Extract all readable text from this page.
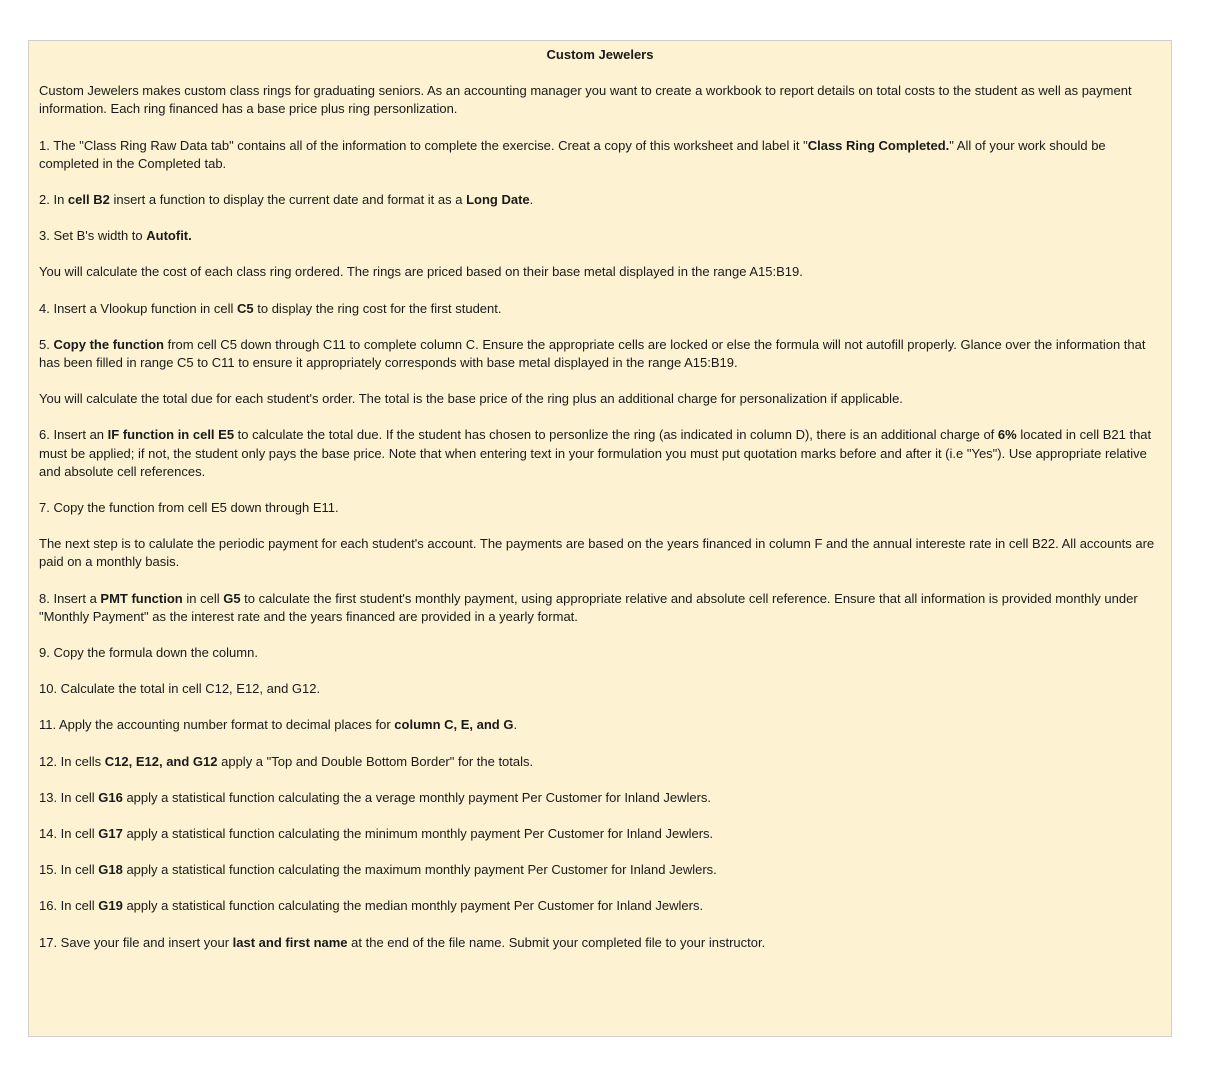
Custom Jewelers
Custom Jewelers makes custom class rings for graduating seniors. As an accounting manager you want to create a workbook to report details on total costs to the student as well as payment information. Each ring financed has a base price plus ring personlization.
1. The "Class Ring Raw Data tab" contains all of the information to complete the exercise. Creat a copy of this worksheet and label it "Class Ring Completed." All of your work should be completed in the Completed tab.
2. In cell B2 insert a function to display the current date and format it as a Long Date.
3. Set B's width to Autofit.
You will calculate the cost of each class ring ordered. The rings are priced based on their base metal displayed in the range A15:B19.
4. Insert a Vlookup function in cell C5 to display the ring cost for the first student.
5. Copy the function from cell C5 down through C11 to complete column C. Ensure the appropriate cells are locked or else the formula will not autofill properly. Glance over the information that has been filled in range C5 to C11 to ensure it appropriately corresponds with base metal displayed in the range A15:B19.
You will calculate the total due for each student's order. The total is the base price of the ring plus an additional charge for personalization if applicable.
6. Insert an IF function in cell E5 to calculate the total due. If the student has chosen to personlize the ring (as indicated in column D), there is an additional charge of 6% located in cell B21 that must be applied; if not, the student only pays the base price. Note that when entering text in your formulation you must put quotation marks before and after it (i.e "Yes"). Use appropriate relative and absolute cell references.
7. Copy the function from cell E5 down through E11.
The next step is to calulate the periodic payment for each student's account. The payments are based on the years financed in column F and the annual intereste rate in cell B22. All accounts are paid on a monthly basis.
8. Insert a PMT function in cell G5 to calculate the first student's monthly payment, using appropriate relative and absolute cell reference. Ensure that all information is provided monthly under "Monthly Payment" as the interest rate and the years financed are provided in a yearly format.
9. Copy the formula down the column.
10. Calculate the total in cell C12, E12, and G12.
11. Apply the accounting number format to decimal places for column C, E, and G.
12. In cells C12, E12, and G12 apply a "Top and Double Bottom Border" for the totals.
13. In cell G16 apply a statistical function calculating the a verage monthly payment Per Customer for Inland Jewlers.
14. In cell G17 apply a statistical function calculating the minimum monthly payment Per Customer for Inland Jewlers.
15. In cell G18 apply a statistical function calculating the maximum monthly payment Per Customer for Inland Jewlers.
16. In cell G19 apply a statistical function calculating the median monthly payment Per Customer for Inland Jewlers.
17. Save your file and insert your last and first name at the end of the file name. Submit your completed file to your instructor.
